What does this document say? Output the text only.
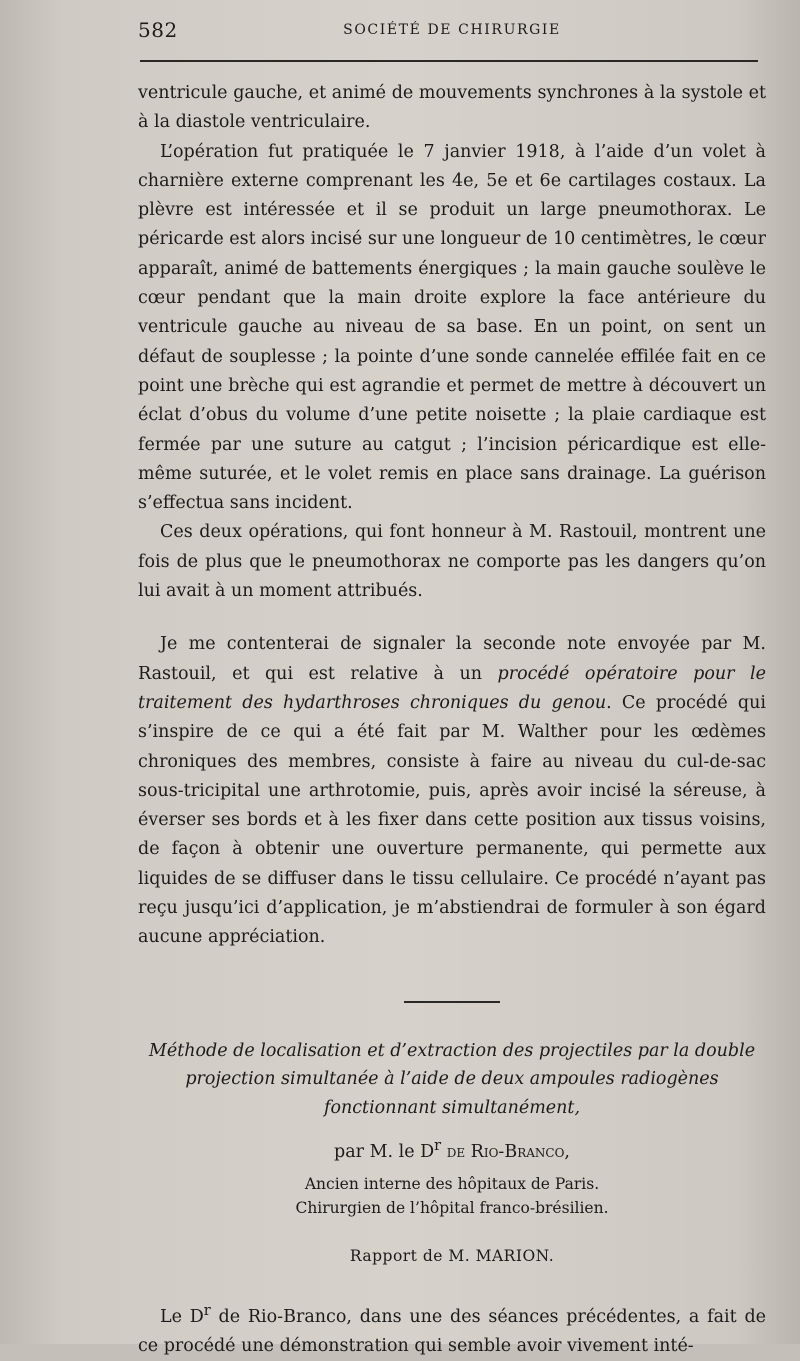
582	SOCIÉTÉ DE CHIRURGIE

ventricule gauche, et animé de mouvements synchrones à la systole et à la diastole ventriculaire.

L’opération fut pratiquée le 7 janvier 1918, à l’aide d’un volet à charnière externe comprenant les 4e, 5e et 6e cartilages costaux. La plèvre est intéressée et il se produit un large pneumothorax. Le péricarde est alors incisé sur une longueur de 10 centimètres, le cœur apparaît, animé de battements énergiques ; la main gauche soulève le cœur pendant que la main droite explore la face antérieure du ventricule gauche au niveau de sa base. En un point, on sent un défaut de souplesse ; la pointe d’une sonde cannelée effilée fait en ce point une brèche qui est agrandie et permet de mettre à découvert un éclat d’obus du volume d’une petite noisette ; la plaie cardiaque est fermée par une suture au catgut ; l’incision péricardique est elle-même suturée, et le volet remis en place sans drainage. La guérison s’effectua sans incident.

Ces deux opérations, qui font honneur à M. Rastouil, montrent une fois de plus que le pneumothorax ne comporte pas les dangers qu’on lui avait à un moment attribués.

Je me contenterai de signaler la seconde note envoyée par M. Rastouil, et qui est relative à un procédé opératoire pour le traitement des hydarthroses chroniques du genou. Ce procédé qui s’inspire de ce qui a été fait par M. Walther pour les œdèmes chroniques des membres, consiste à faire au niveau du cul-de-sac sous-tricipital une arthrotomie, puis, après avoir incisé la séreuse, à éverser ses bords et à les fixer dans cette position aux tissus voisins, de façon à obtenir une ouverture permanente, qui permette aux liquides de se diffuser dans le tissu cellulaire. Ce procédé n’ayant pas reçu jusqu’ici d’application, je m’abstiendrai de formuler à son égard aucune appréciation.

Méthode de localisation et d’extraction des projectiles par la double

projection simultanée à l’aide de deux ampoules radiogènes

fonctionnant simultanément,

par M. le $D^r$ de Rio-Branco,
Ancien interne des hôpitaux de Paris.
Chirurgien de l’hôpital franco-brésilien.
Rapport de M. MARION.

Le $D^r$ de Rio-Branco, dans une des séances précédentes, a fait de ce procédé une démonstration qui semble avoir vivement inté-
